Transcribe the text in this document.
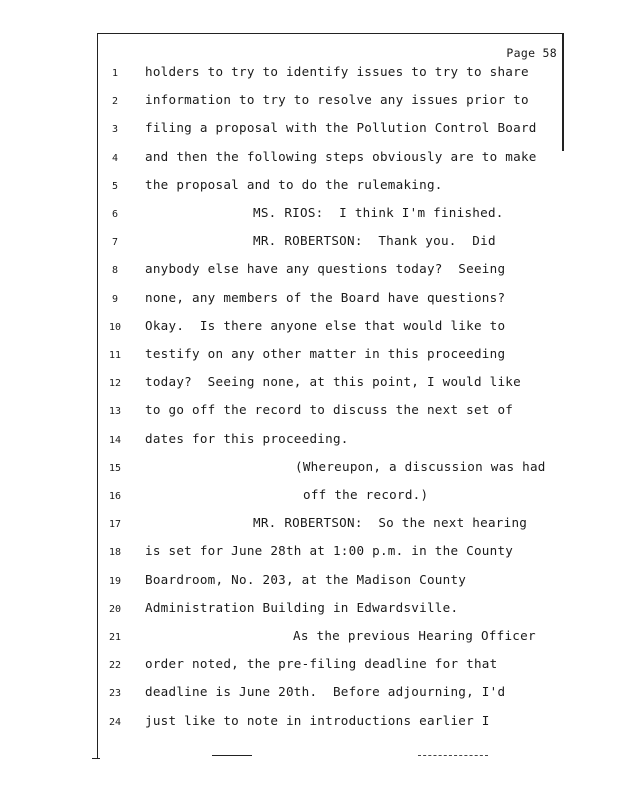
Page 58
1	holders to try to identify issues to try to share
2	information to try to resolve any issues prior to
3	filing a proposal with the Pollution Control Board
4	and then the following steps obviously are to make
5	the proposal and to do the rulemaking.
6	MS. RIOS:  I think I'm finished.
7	MR. ROBERTSON:  Thank you.  Did
8	anybody else have any questions today?  Seeing
9	none, any members of the Board have questions?
10 Okay.  Is there anyone else that would like to
11 testify on any other matter in this proceeding
12 today?  Seeing none, at this point, I would like
13 to go off the record to discuss the next set of
14 dates for this proceeding.
15	(Whereupon, a discussion was had
16	off the record.)
17	MR. ROBERTSON:  So the next hearing
18 is set for June 28th at 1:00 p.m. in the County
19 Boardroom, No. 203, at the Madison County
20 Administration Building in Edwardsville.
21	As the previous Hearing Officer
22 order noted, the pre-filing deadline for that
23 deadline is June 20th.  Before adjourning, I'd
24 just like to note in introductions earlier I
